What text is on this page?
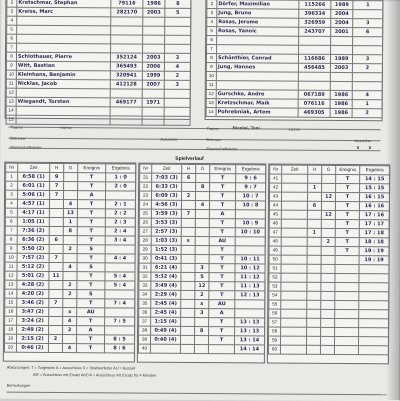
2	Kretschmar, Stephan	79116	1986	8
3	Kreiss, Marc	282170	2003	5
4				
5				
6				
7				
8	Schlothauer, Pierre	352124	2003	3
9	Witt, Bastian	365493	2006	4
10	Kleinhans, Benjamin	320941	1999	2
11	Nicklas, Jacob	412128	2007	3
12				
13	Wiegandt, Torsten	469177	1971	
14				
15				
2	Dörfer, Maximilian	115266	1989	1
3	Jung, Bruno	396334	2004	
4	Rosas, Jerome	326959	2004	3
5	Rosas, Yannic	243707	2001	6
6				
7				
8	Schönthier, Conrad	116686	1989	3
9	Jung, Hannes	456485	2003	2
10				
11				
12	Gurschke, Andre	067189	1986	4
13	Kretzschmar, Maik	076116	1986	1
14	Pohrebniak, Artem	469305	1986	2
Trainer	Lizenz	Trainer	Nicolai, Toni	Lizenz
Betreuer	Ausweise	Betreuer	Ausweise
Mannschaftsleiter	Mannschaftsleiter	X X
Spielverlauf
Nr	Zeit	H	G	Ereignis	Ergebnis
1	6:58 (1)	9		T	1 : 0
2	6:01 (1)	7		T	2 : 0
3	5:06 (1)	7		A	
4	4:57 (1)		4	T	2 : 1
5	4:17 (1)		13	T	2 : 2
6	1:05 (1)		1	T	2 : 3
7	7:36 (2)		8	T	2 : 4
8	6:36 (2)	6		T	3 : 4
9	5:50 (2)		2	S	
10	7:57 (2)	7		T	4 : 4
11	5:12 (2)		4	S	
12	5:01 (2)	11		T	5 : 4
13	4:28 (2)		2	T	5 : 4
14	4:20 (2)		2	S	
15	3:46 (2)	7		T	7 : 4
16	3:47 (2)		x	AU	
17	3:24 (2)		4	T	7 : 5
18	2:49 (2)		2	A	
19	2:15 (2)	2		T	8 : 5
20	0:46 (2)		4	T	8 : 6
Nr	Zeit	H	G	Ereignis	Ergebnis
21	7:03 (3)	6		T	9 : 6
22	6:33 (3)		8	T	9 : 7
23	6:09 (3)	2		T	10 : 7
24	4:56 (3)		4	T	10 : 8
25	3:59 (3)	7		A	
26	3:53 (3)			T	10 : 9
27	2:57 (3)			T	10 : 10
28	1:03 (3)	x		AU	
29	1:52 (3)			T	
30	0:41 (3)			T	10 : 11
31	6:21 (4)		3	T	10 : 12
32	5:32 (4)		5	T	11 : 12
33	3:49 (4)		12	T	11 : 13
34	2:29 (4)		2	T	12 : 13
35	2:45 (4)		x	AU	
36	2:45 (4)		3	A	
37	1:15 (4)			T	13 : 13
38	0:49 (4)		8	T	13 : 13
39	0:40 (4)			T	13 : 14
40					14 : 14
Nr	Zeit	H	G	Ereignis	Ergebnis
41				T	14 : 15
42		1		T	15 : 15
43			12	T	16 : 15
44		6		T	16 : 16
45			12	T	17 : 16
46				T	17 : 17
47		1		T	17 : 18
48			2	T	18 : 18
49				T	19 : 19
50					19 : 19
51					
52					
53					
54					
55					
56					
57					
58					
59					
60					
Abkürzungen: T = Torgewinn A = Ausschluss S = Strafwerfertor AU = Auszeit
A/E = Ausschluss mit Ersatz A/rC/4 = Ausschluss mit Ersatz für 4 Minuten
Bemerkungen
